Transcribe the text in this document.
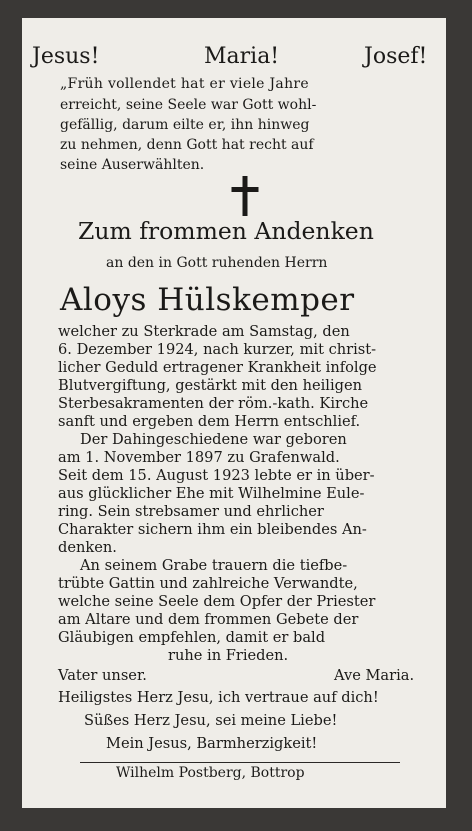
Jesus!	Maria!	Josef!
„Früh vollendet hat er viele Jahre
erreicht, seine Seele war Gott wohl-
gefällig, darum eilte er, ihn hinweg
zu nehmen, denn Gott hat recht auf
seine Auserwählten.
Zum frommen Andenken
an den in Gott ruhenden Herrn
Aloys Hülskemper
welcher zu Sterkrade am Samstag, den
6. Dezember 1924, nach kurzer, mit christ-
licher Geduld ertragener Krankheit infolge
Blutvergiftung, gestärkt mit den heiligen
Sterbesakramenten der röm.-kath. Kirche
sanft und ergeben dem Herrn entschlief.
Der Dahingeschiedene war geboren
am 1. November 1897 zu Grafenwald.
Seit dem 15. August 1923 lebte er in über-
aus glücklicher Ehe mit Wilhelmine Eule-
ring. Sein strebsamer und ehrlicher
Charakter sichern ihm ein bleibendes An-
denken.
An seinem Grabe trauern die tiefbe-
trübte Gattin und zahlreiche Verwandte,
welche seine Seele dem Opfer der Priester
am Altare und dem frommen Gebete der
Gläubigen empfehlen, damit er bald
ruhe in Frieden.
Vater unser.	Ave Maria.
Heiligstes Herz Jesu, ich vertraue auf dich!
Süßes Herz Jesu, sei meine Liebe!
Mein Jesus, Barmherzigkeit!
Wilhelm Postberg, Bottrop
